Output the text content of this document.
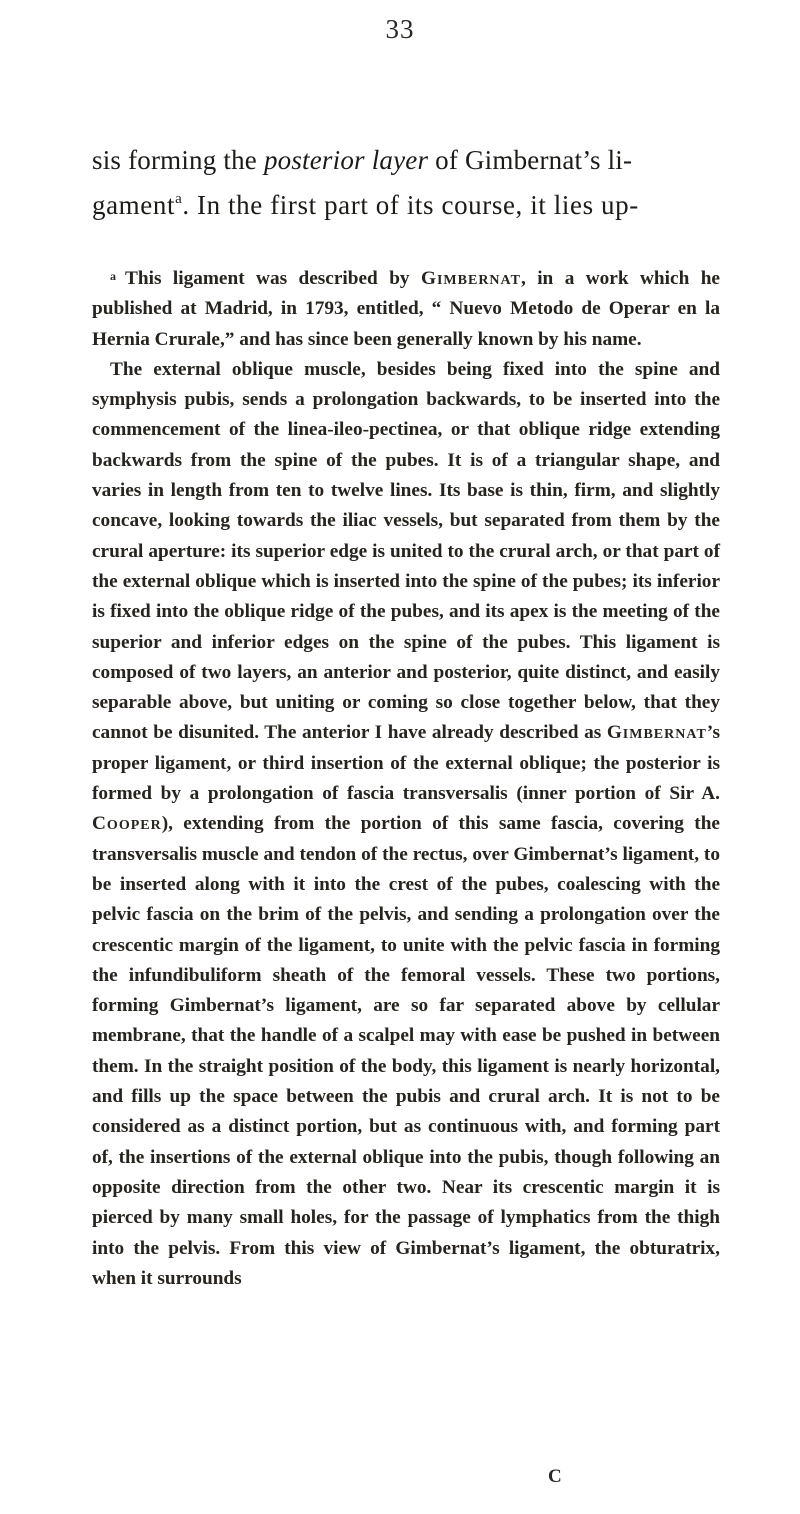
33
sis forming the posterior layer of Gimbernat’s li-
gament$^a$. In the first part of its course, it lies up-

$^a$ This ligament was described by Gimbernat, in a work which he published at Madrid, in 1793, entitled, “ Nuevo Metodo de Operar en la Hernia Crurale,” and has since been generally known by his name.

The external oblique muscle, besides being fixed into the spine and symphysis pubis, sends a prolongation backwards, to be inserted into the commencement of the linea-ileo-pectinea, or that oblique ridge extending backwards from the spine of the pubes. It is of a triangular shape, and varies in length from ten to twelve lines. Its base is thin, firm, and slightly concave, looking towards the iliac vessels, but separated from them by the crural aperture: its superior edge is united to the crural arch, or that part of the external oblique which is inserted into the spine of the pubes; its inferior is fixed into the oblique ridge of the pubes, and its apex is the meeting of the superior and inferior edges on the spine of the pubes. This ligament is composed of two layers, an anterior and posterior, quite distinct, and easily separable above, but uniting or coming so close together below, that they cannot be disunited. The anterior I have already described as Gimbernat’s proper ligament, or third insertion of the external oblique; the posterior is formed by a prolongation of fascia transversalis (inner portion of Sir A. Cooper), extending from the portion of this same fascia, covering the transversalis muscle and tendon of the rectus, over Gimbernat’s ligament, to be inserted along with it into the crest of the pubes, coalescing with the pelvic fascia on the brim of the pelvis, and sending a prolongation over the crescentic margin of the ligament, to unite with the pelvic fascia in forming the infundibuliform sheath of the femoral vessels. These two portions, forming Gimbernat’s ligament, are so far separated above by cellular membrane, that the handle of a scalpel may with ease be pushed in between them. In the straight position of the body, this ligament is nearly horizontal, and fills up the space between the pubis and crural arch. It is not to be considered as a distinct portion, but as continuous with, and forming part of, the insertions of the external oblique into the pubis, though following an opposite direction from the other two. Near its crescentic margin it is pierced by many small holes, for the passage of lymphatics from the thigh into the pelvis. From this view of Gimbernat’s ligament, the obturatrix, when it surrounds

C
